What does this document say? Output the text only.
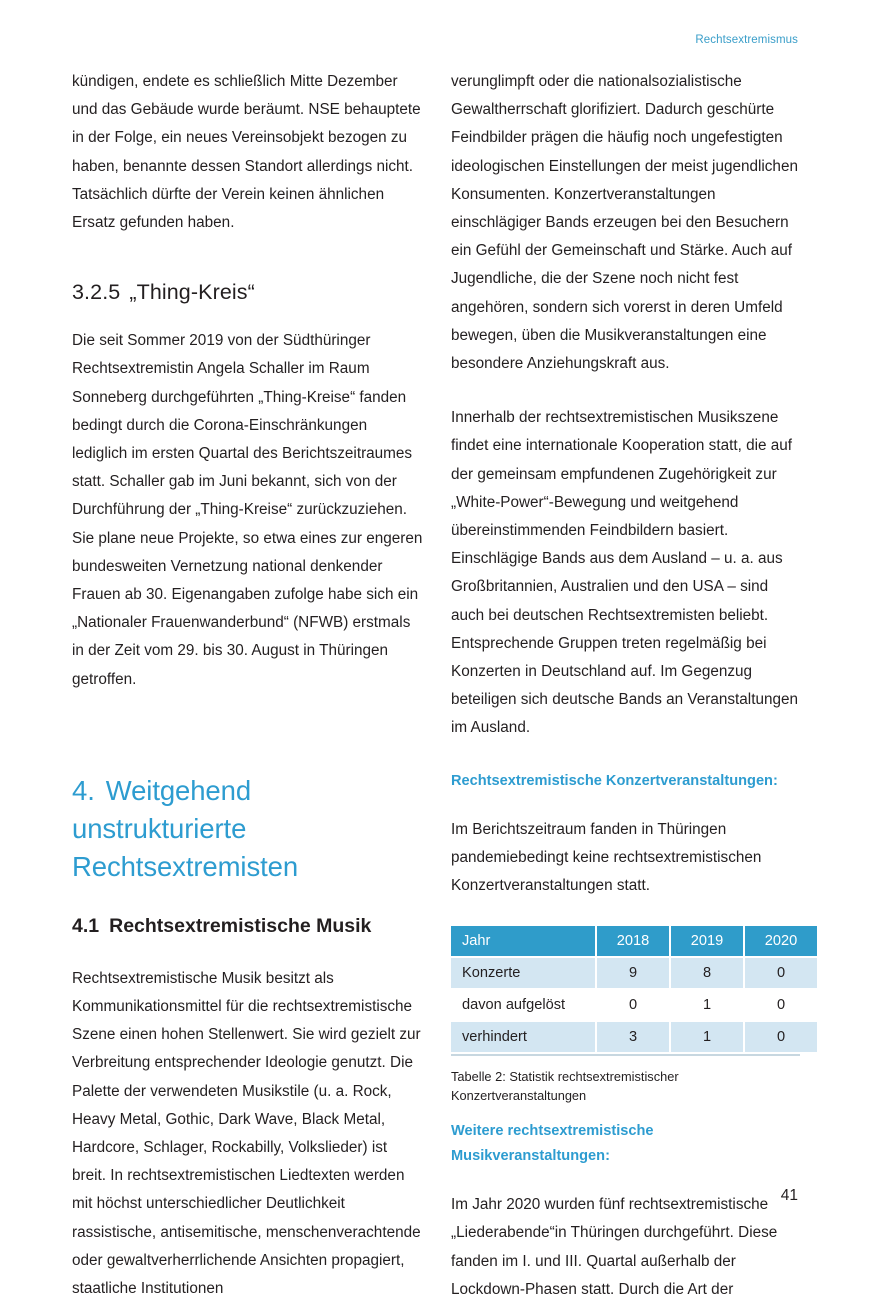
Rechtsextremismus

kündigen, endete es schließlich Mitte Dezember und das Gebäude wurde beräumt. NSE behauptete in der Folge, ein neues Vereinsobjekt bezogen zu haben, benannte dessen Standort allerdings nicht. Tatsächlich dürfte der Verein keinen ähnlichen Ersatz gefunden haben.

3.2.5 „Thing-Kreis“

Die seit Sommer 2019 von der Südthüringer Rechtsextremistin Angela Schaller im Raum Sonneberg durchgeführten „Thing-Kreise“ fanden bedingt durch die Corona-Einschränkungen lediglich im ersten Quartal des Berichtszeitraumes statt. Schaller gab im Juni bekannt, sich von der Durchführung der „Thing-Kreise“ zurückzuziehen. Sie plane neue Projekte, so etwa eines zur engeren bundesweiten Vernetzung national denkender Frauen ab 30. Eigenangaben zufolge habe sich ein „Nationaler Frauenwanderbund“ (NFWB) erstmals in der Zeit vom 29. bis 30. August in Thüringen getroffen.

4. Weitgehend unstrukturierte Rechtsextremisten
4.1 Rechtsextremistische Musik

Rechtsextremistische Musik besitzt als Kommunikationsmittel für die rechtsextremistische Szene einen hohen Stellenwert. Sie wird gezielt zur Verbreitung entsprechender Ideologie genutzt. Die Palette der verwendeten Musikstile (u. a. Rock, Heavy Metal, Gothic, Dark Wave, Black Metal, Hardcore, Schlager, Rockabilly, Volkslieder) ist breit. In rechtsextremistischen Liedtexten werden mit höchst unterschiedlicher Deutlichkeit rassistische, antisemitische, menschenverachtende oder gewaltverherrlichende Ansichten propagiert, staatliche Institutionen

verunglimpft oder die nationalsozialistische Gewaltherrschaft glorifiziert. Dadurch geschürte Feindbilder prägen die häufig noch ungefestigten ideologischen Einstellungen der meist jugendlichen Konsumenten. Konzertveranstaltungen einschlägiger Bands erzeugen bei den Besuchern ein Gefühl der Gemeinschaft und Stärke. Auch auf Jugendliche, die der Szene noch nicht fest angehören, sondern sich vorerst in deren Umfeld bewegen, üben die Musikveranstaltungen eine besondere Anziehungskraft aus.

Innerhalb der rechtsextremistischen Musikszene findet eine internationale Kooperation statt, die auf der gemeinsam empfundenen Zugehörigkeit zur „White-Power“-Bewegung und weitgehend übereinstimmenden Feindbildern basiert. Einschlägige Bands aus dem Ausland – u. a. aus Großbritannien, Australien und den USA – sind auch bei deutschen Rechtsextremisten beliebt. Entsprechende Gruppen treten regelmäßig bei Konzerten in Deutschland auf. Im Gegenzug beteiligen sich deutsche Bands an Veranstaltungen im Ausland.

Rechtsextremistische Konzertveranstaltungen:

Im Berichtszeitraum fanden in Thüringen pandemiebedingt keine rechtsextremistischen Konzertveranstaltungen statt.

Jahr	2018	2019	2020
Konzerte	9	8	0
davon aufgelöst	0	1	0
verhindert	3	1	0

Tabelle 2: Statistik rechtsextremistischer Konzertveranstaltungen

Weitere rechtsextremistische
Musikveranstaltungen:

Im Jahr 2020 wurden fünf rechtsextremistische „Liederabende“in Thüringen durchgeführt. Diese fanden im I. und III. Quartal außerhalb der Lockdown-Phasen statt. Durch die Art der

41
